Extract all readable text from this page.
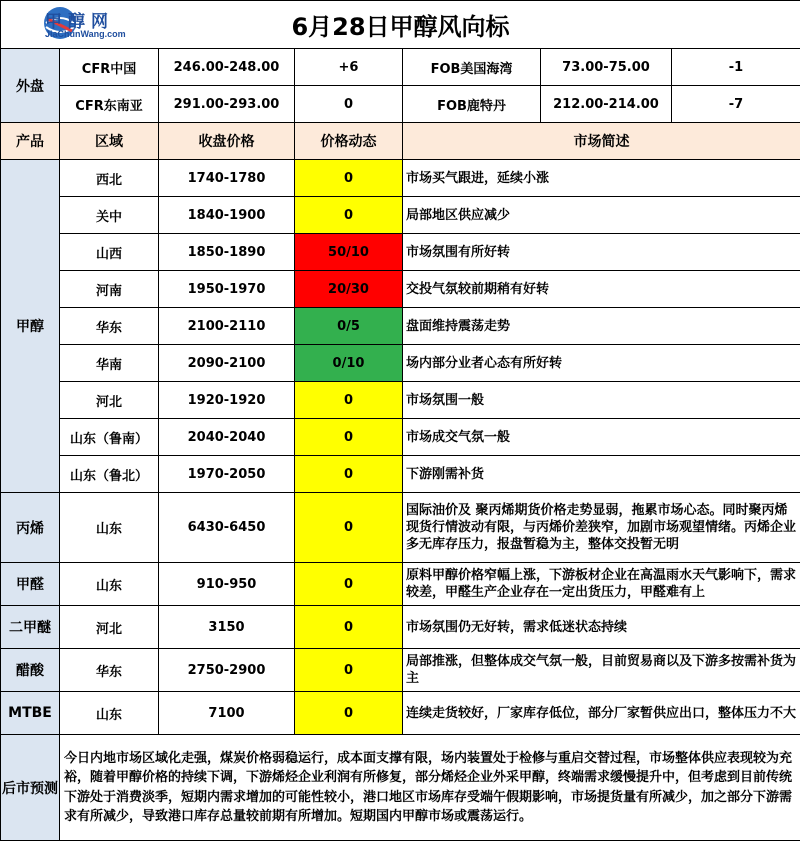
甲醇网
JiaChunWang.com 6月28日甲醇风向标						
外盘	CFR中国	246.00-248.00	+6	FOB美国海湾	73.00-75.00	-1
	CFR东南亚	291.00-293.00	0	FOB鹿特丹	212.00-214.00	-7
产品	区域	收盘价格	价格动态	市场简述		
甲醇	西北	1740-1780	0	市场买气跟进，延续小涨		
	关中	1840-1900	0	局部地区供应减少		
	山西	1850-1890	50/10	市场氛围有所好转		
	河南	1950-1970	20/30	交投气氛较前期稍有好转		
	华东	2100-2110	0/5	盘面维持震荡走势		
	华南	2090-2100	0/10	场内部分业者心态有所好转		
	河北	1920-1920	0	市场氛围一般		
	山东（鲁南）	2040-2040	0	市场成交气氛一般		
	山东（鲁北）	1970-2050	0	下游刚需补货		
丙烯	山东	6430-6450	0	国际油价及 聚丙烯期货价格走势显弱，拖累市场心态。同时聚丙烯现货行情波动有限，与丙烯价差狭窄，加剧市场观望情绪。丙烯企业多无库存压力，报盘暂稳为主，整体交投暂无明		
甲醛	山东	910-950	0	原料甲醇价格窄幅上涨，下游板材企业在高温雨水天气影响下，需求较差，甲醛生产企业存在一定出货压力，甲醛难有上		
二甲醚	河北	3150	0	市场氛围仍无好转，需求低迷状态持续		
醋酸	华东	2750-2900	0	局部推涨，但整体成交气氛一般，目前贸易商以及下游多按需补货为主		
MTBE	山东	7100	0	连续走货较好，厂家库存低位，部分厂家暂供应出口，整体压力不大		
后市预测	今日内地市场区域化走强，煤炭价格弱稳运行，成本面支撑有限，场内装置处于检修与重启交替过程，市场整体供应表现较为充裕，随着甲醇价格的持续下调，下游烯烃企业利润有所修复，部分烯烃企业外采甲醇，终端需求缓慢提升中，但考虑到目前传统下游处于消费淡季，短期内需求增加的可能性较小，港口地区市场库存受端午假期影响，市场提货量有所减少，加之部分下游需求有所减少，导致港口库存总量较前期有所增加。短期国内甲醇市场或震荡运行。					
